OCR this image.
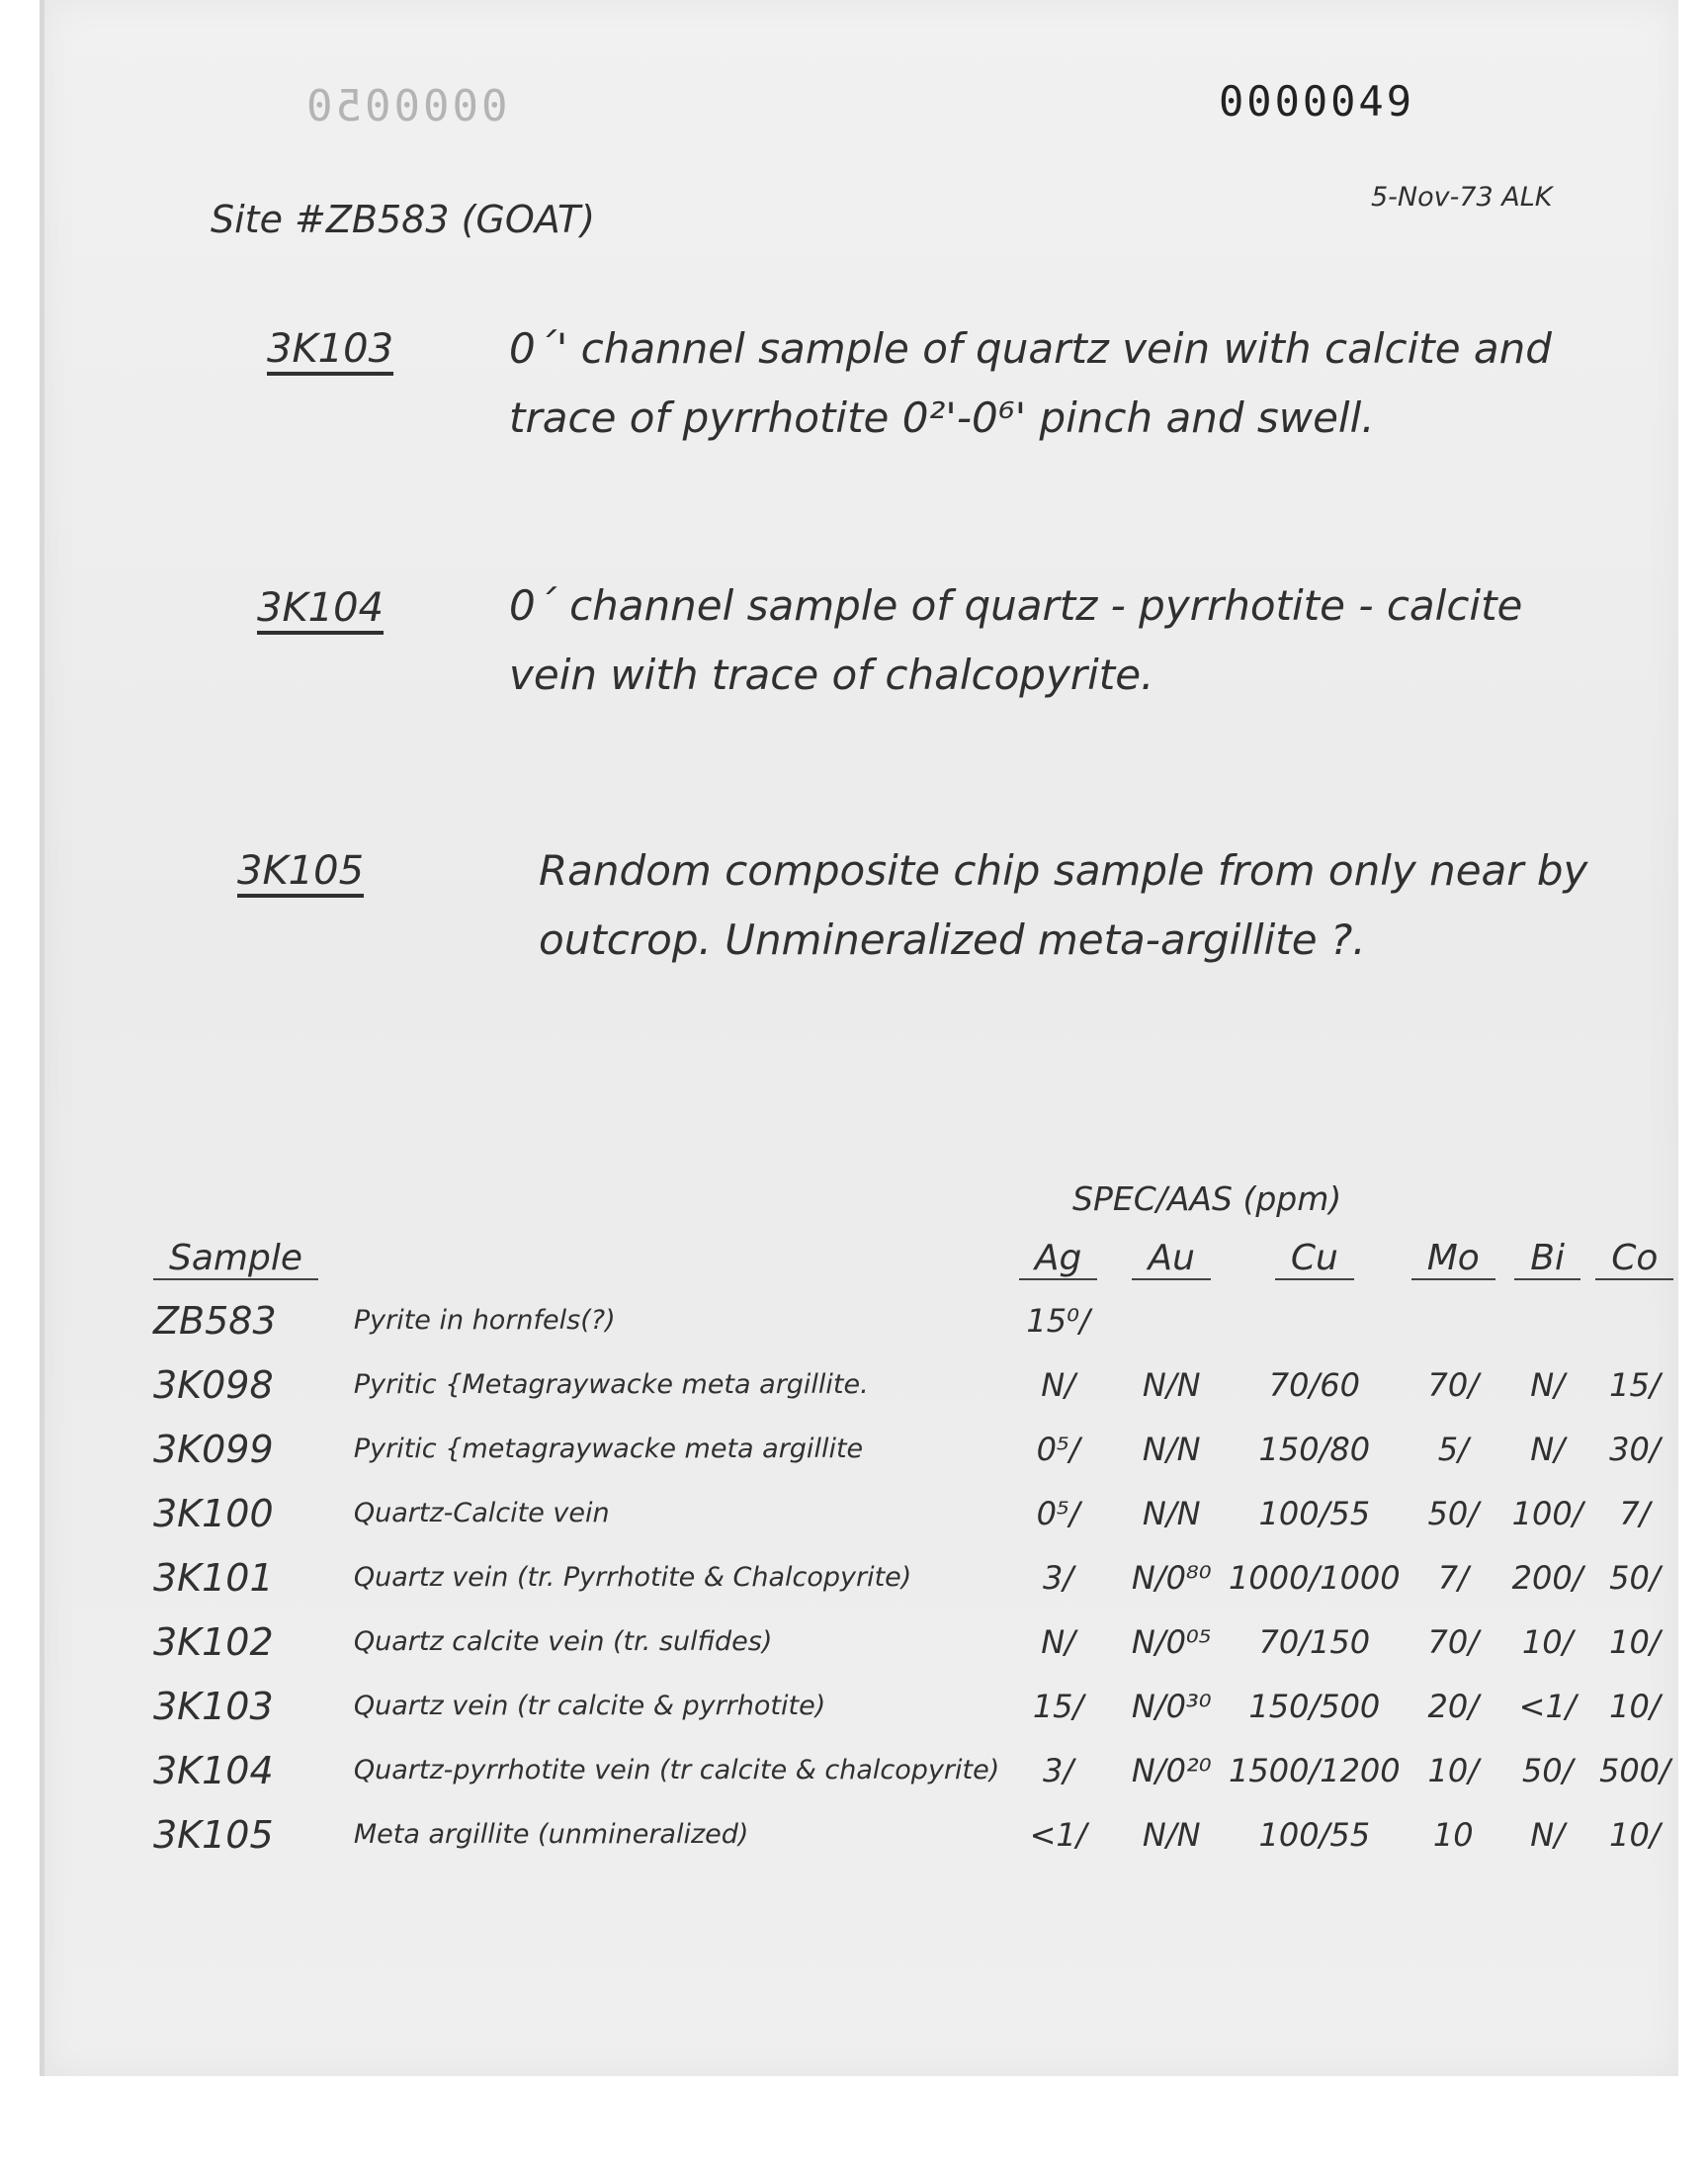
0000050	0000049
Site #ZB583 (GOAT)
5-Nov-73 ALK
3K103	0´' channel sample of quartz vein with calcite and trace of pyrrhotite 0²'-0⁶' pinch and swell.
3K104	0´ channel sample of quartz - pyrrhotite - calcite vein with trace of chalcopyrite.
3K105	Random composite chip sample from only near by outcrop. Unmineralized meta-argillite ?.
SPEC/AAS (ppm)
Sample		Ag	Au	Cu	Mo	Bi	Co
ZB583	Pyrite in hornfels(?)	15⁰/					
3K098	Pyritic {Metagraywacke meta argillite.	N/	N/N	70/60	70/	N/	15/
3K099	Pyritic {metagraywacke meta argillite	0⁵/	N/N	150/80	5/	N/	30/
3K100	Quartz-Calcite vein	0⁵/	N/N	100/55	50/	100/	7/
3K101	Quartz vein (tr. Pyrrhotite & Chalcopyrite)	3/	N/0⁸⁰	1000/1000	7/	200/	50/
3K102	Quartz calcite vein (tr. sulfides)	N/	N/0⁰⁵	70/150	70/	10/	10/
3K103	Quartz vein (tr calcite & pyrrhotite)	15/	N/0³⁰	150/500	20/	<1/	10/
3K104	Quartz-pyrrhotite vein (tr calcite & chalcopyrite)	3/	N/0²⁰	1500/1200	10/	50/	500/
3K105	Meta argillite (unmineralized)	<1/	N/N	100/55	10	N/	10/
